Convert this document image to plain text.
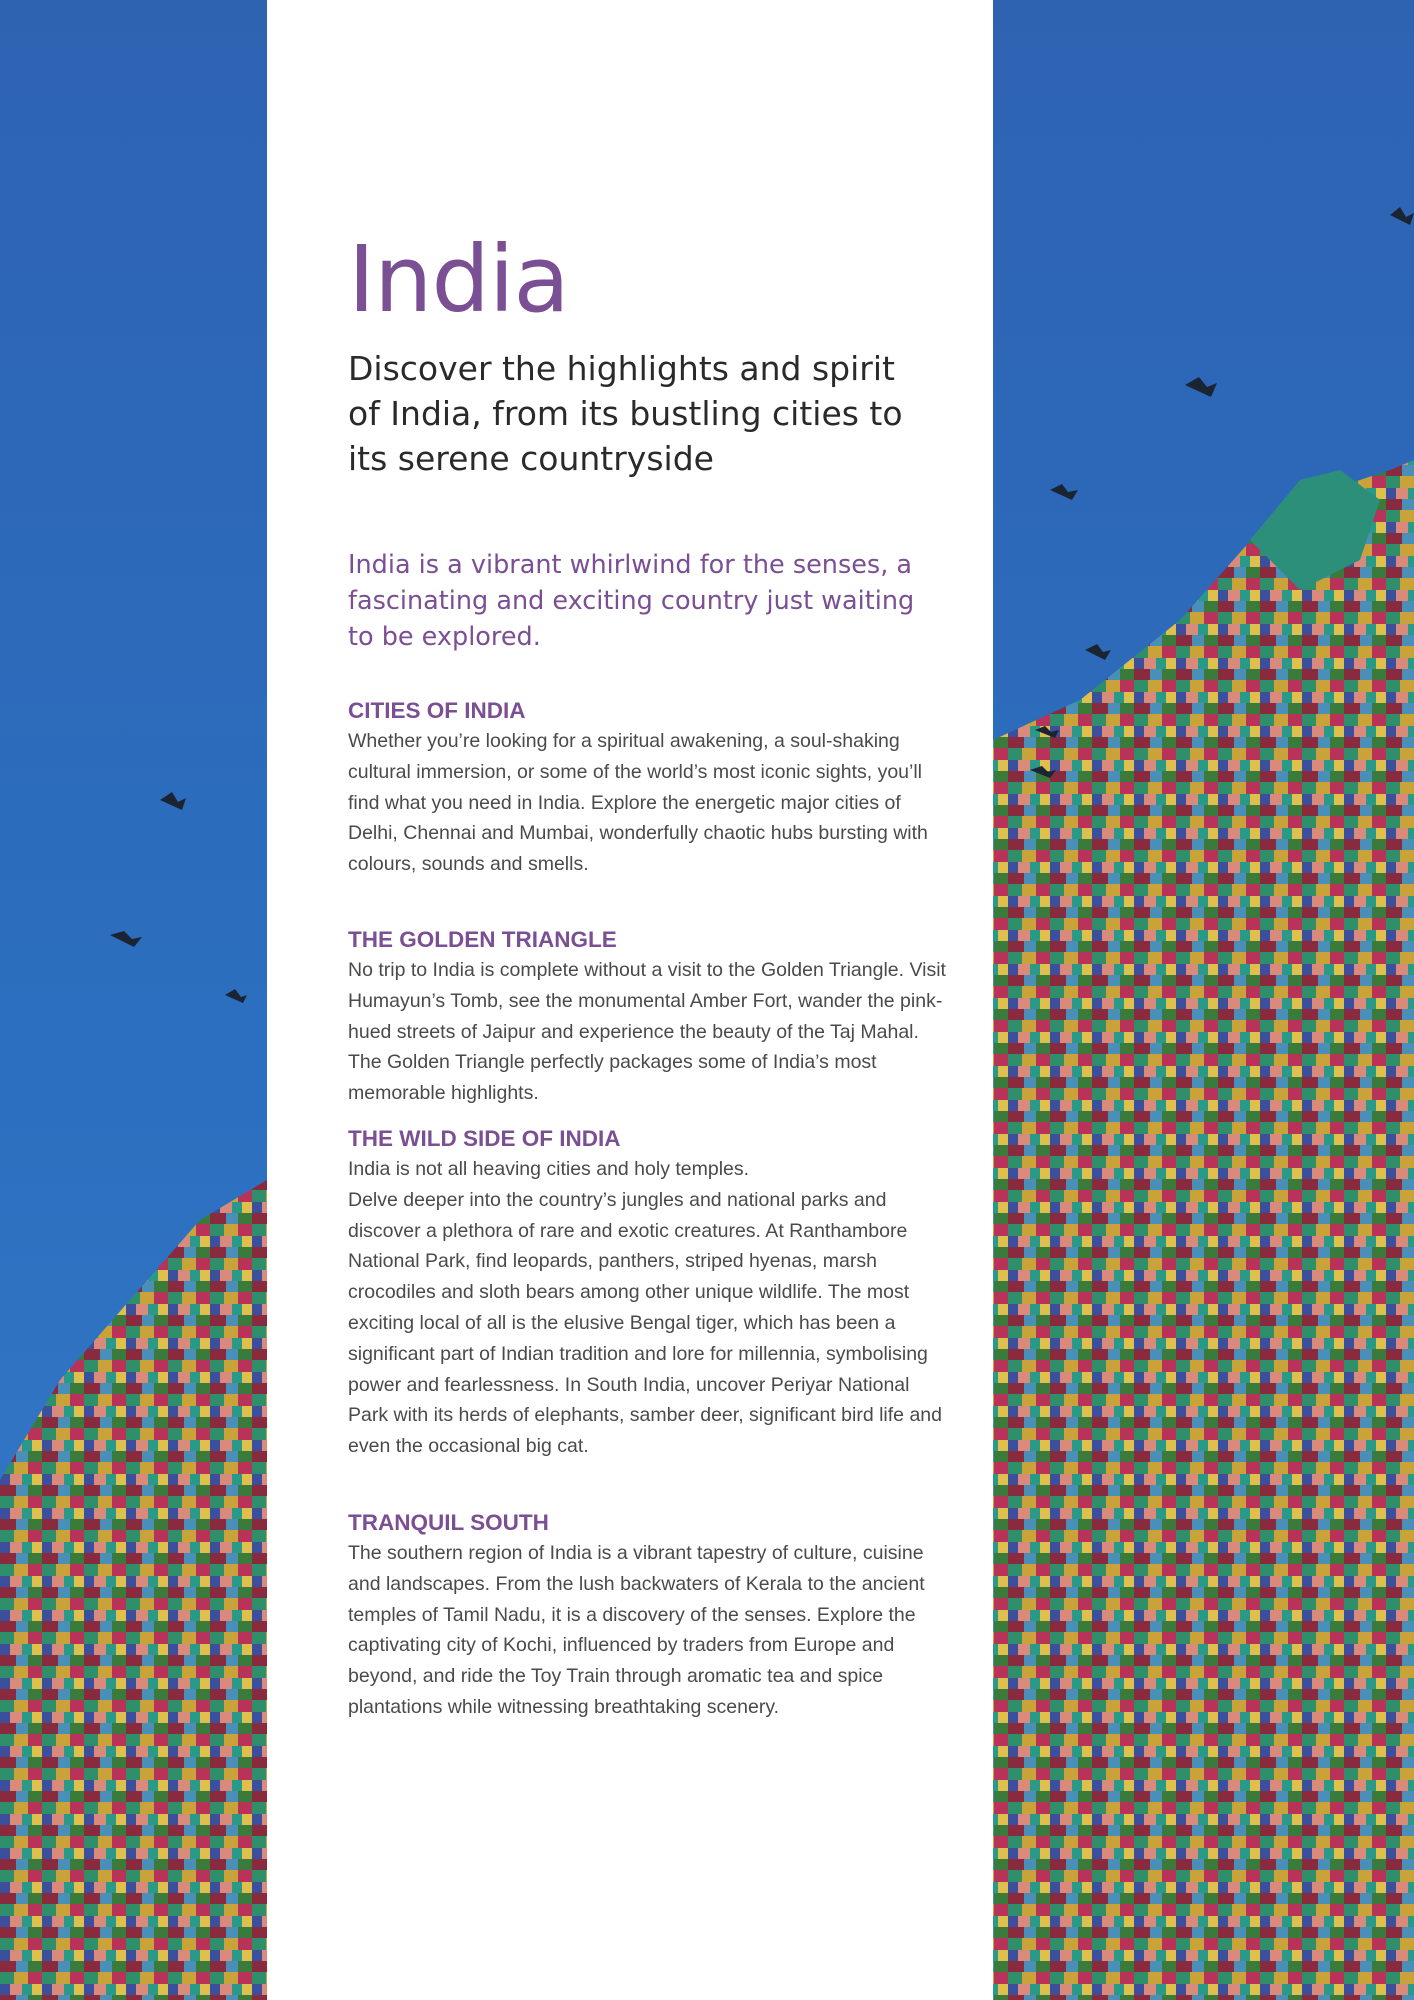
India

Discover the highlights and spirit of India, from its bustling cities to its serene countryside

India is a vibrant whirlwind for the senses, a fascinating and exciting country just waiting to be explored.

CITIES OF INDIA

Whether you’re looking for a spiritual awakening, a soul-shaking cultural immersion, or some of the world’s most iconic sights, you’ll find what you need in India. Explore the energetic major cities of Delhi, Chennai and Mumbai, wonderfully chaotic hubs bursting with colours, sounds and smells.

THE GOLDEN TRIANGLE

No trip to India is complete without a visit to the Golden Triangle. Visit Humayun’s Tomb, see the monumental Amber Fort, wander the pink-hued streets of Jaipur and experience the beauty of the Taj Mahal. The Golden Triangle perfectly packages some of India’s most memorable highlights.

THE WILD SIDE OF INDIA

India is not all heaving cities and holy temples.

Delve deeper into the country’s jungles and national parks and discover a plethora of rare and exotic creatures. At Ranthambore National Park, find leopards, panthers, striped hyenas, marsh crocodiles and sloth bears among other unique wildlife. The most exciting local of all is the elusive Bengal tiger, which has been a significant part of Indian tradition and lore for millennia, symbolising power and fearlessness. In South India, uncover Periyar National Park with its herds of elephants, samber deer, significant bird life and even the occasional big cat.

TRANQUIL SOUTH

The southern region of India is a vibrant tapestry of culture, cuisine and landscapes. From the lush backwaters of Kerala to the ancient temples of Tamil Nadu, it is a discovery of the senses. Explore the captivating city of Kochi, influenced by traders from Europe and beyond, and ride the Toy Train through aromatic tea and spice plantations while witnessing breathtaking scenery.
